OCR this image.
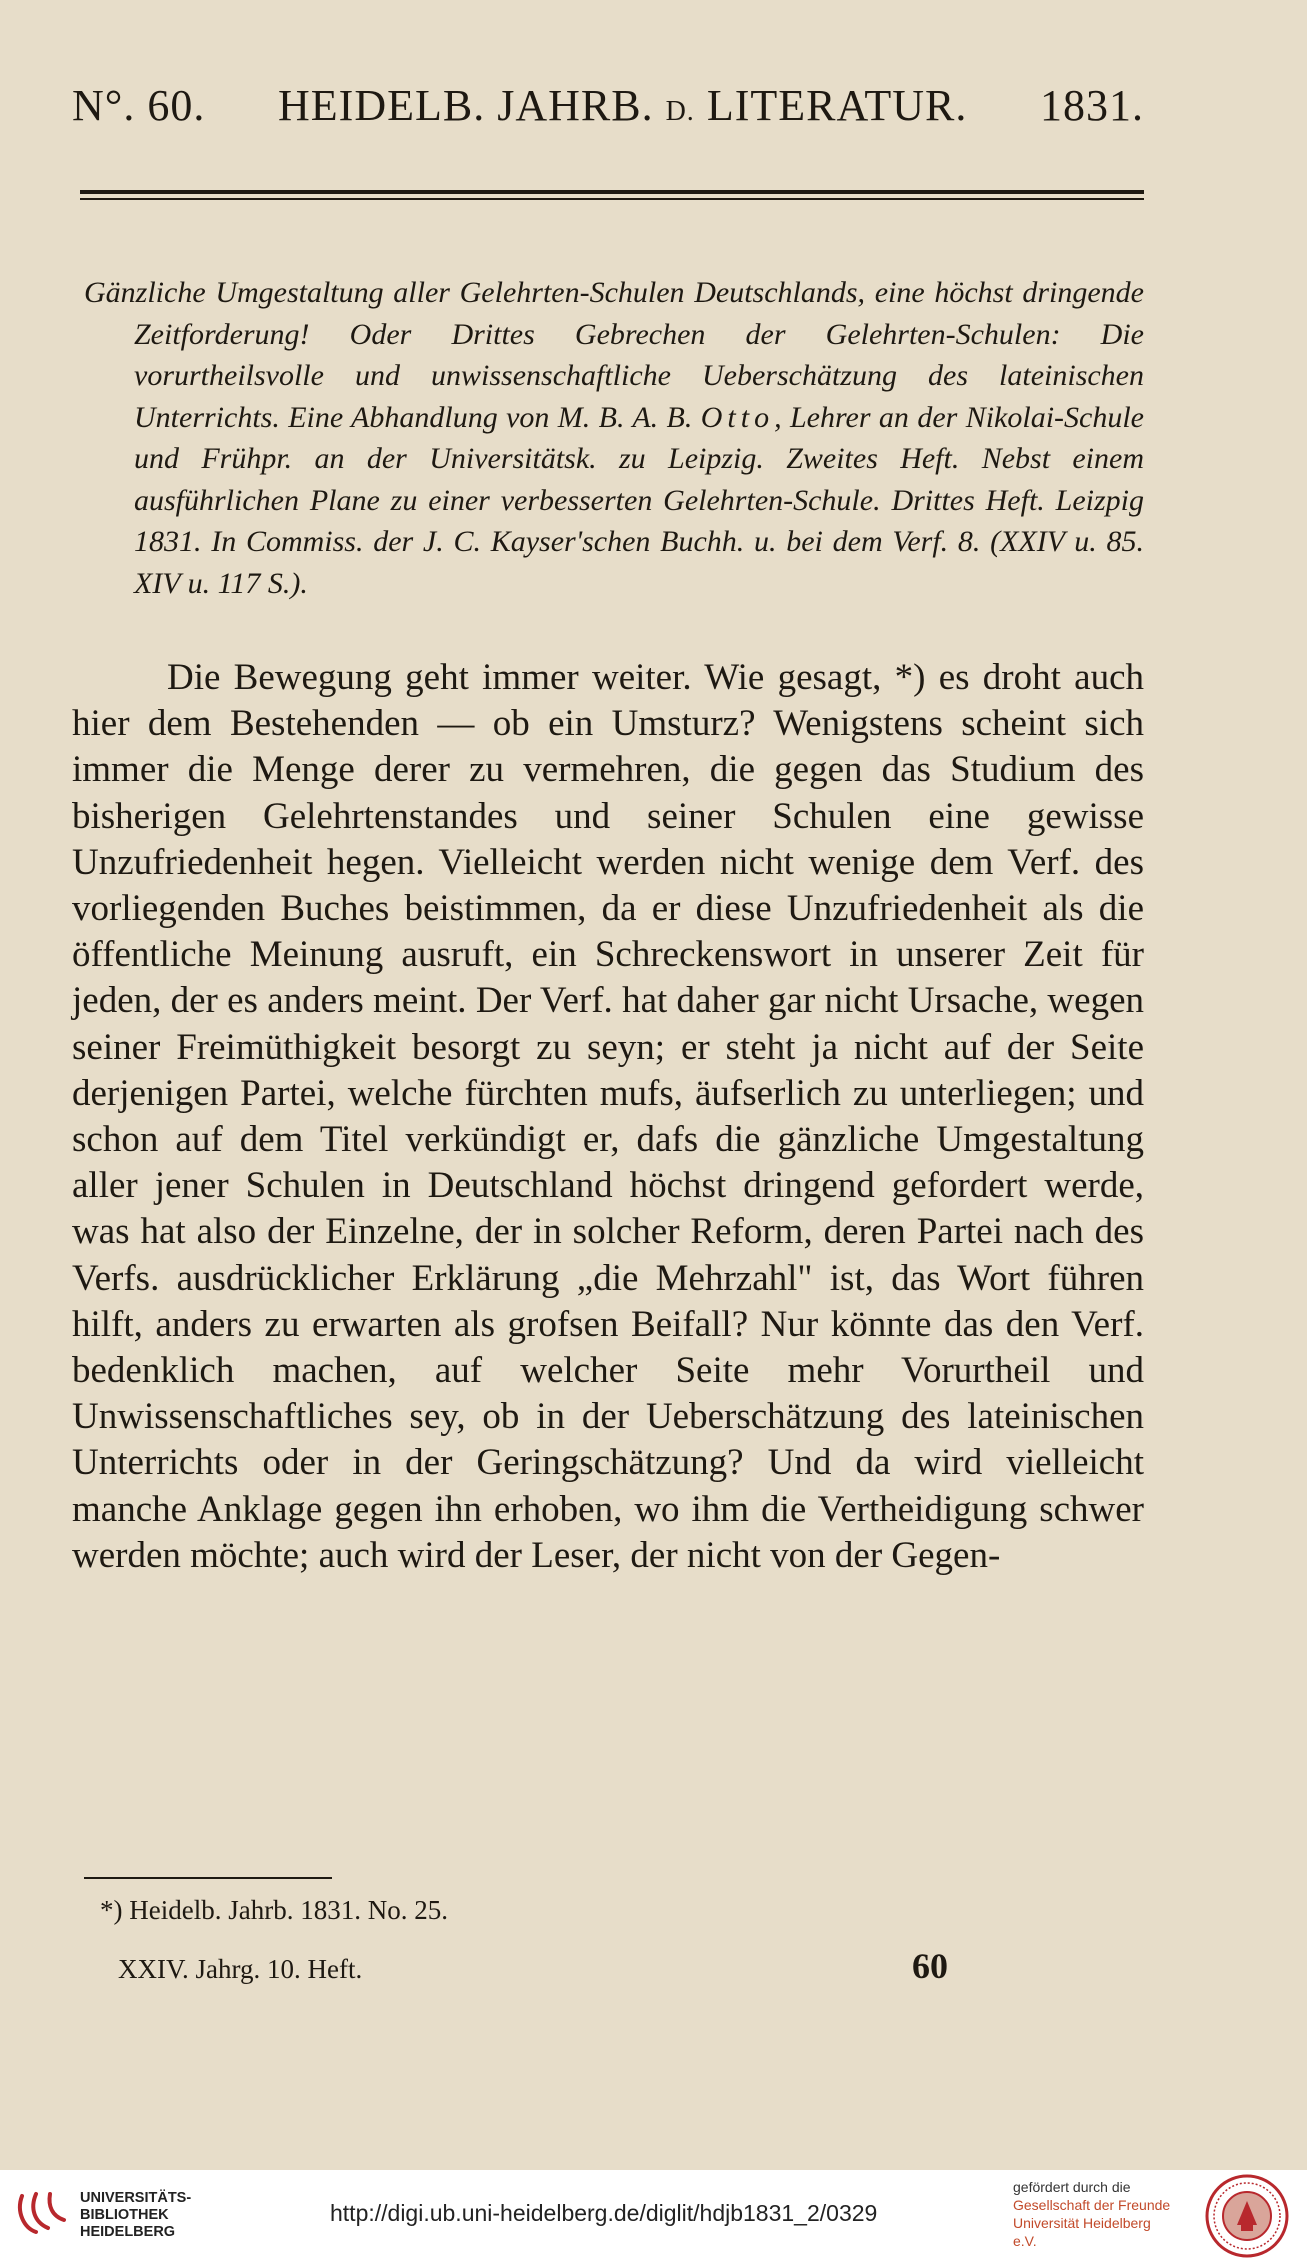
N°. 60. HEIDELB. JAHRB. D. LITERATUR. 1831.
Gänzliche Umgestaltung aller Gelehrten-Schulen Deutschlands, eine höchst dringende Zeitforderung! Oder Drittes Gebrechen der Gelehrten-Schulen: Die vorurtheilsvolle und unwissenschaftliche Ueberschätzung des lateinischen Unterrichts. Eine Abhandlung von M. B. A. B. Otto, Lehrer an der Nikolai-Schule und Frühpr. an der Universitätsk. zu Leipzig. Zweites Heft. Nebst einem ausführlichen Plane zu einer verbesserten Gelehrten-Schule. Drittes Heft. Leizpig 1831. In Commiss. der J. C. Kayser'schen Buchh. u. bei dem Verf. 8. (XXIV u. 85. XIV u. 117 S.).

Die Bewegung geht immer weiter. Wie gesagt, *) es droht auch hier dem Bestehenden — ob ein Umsturz? Wenigstens scheint sich immer die Menge derer zu vermehren, die gegen das Studium des bisherigen Gelehrtenstandes und seiner Schulen eine gewisse Unzufriedenheit hegen. Vielleicht werden nicht wenige dem Verf. des vorliegenden Buches beistimmen, da er diese Unzufriedenheit als die öffentliche Meinung ausruft, ein Schreckenswort in unserer Zeit für jeden, der es anders meint. Der Verf. hat daher gar nicht Ursache, wegen seiner Freimüthigkeit besorgt zu seyn; er steht ja nicht auf der Seite derjenigen Partei, welche fürchten mufs, äufserlich zu unterliegen; und schon auf dem Titel verkündigt er, dafs die gänzliche Umgestaltung aller jener Schulen in Deutschland höchst dringend gefordert werde, was hat also der Einzelne, der in solcher Reform, deren Partei nach des Verfs. ausdrücklicher Erklärung „die Mehrzahl" ist, das Wort führen hilft, anders zu erwarten als grofsen Beifall? Nur könnte das den Verf. bedenklich machen, auf welcher Seite mehr Vorurtheil und Unwissenschaftliches sey, ob in der Ueberschätzung des lateinischen Unterrichts oder in der Geringschätzung? Und da wird vielleicht manche Anklage gegen ihn erhoben, wo ihm die Vertheidigung schwer werden möchte; auch wird der Leser, der nicht von der Gegen-

*) Heidelb. Jahrb. 1831. No. 25.
XXIV. Jahrg. 10. Heft.	60
UNIVERSITÄTS-
BIBLIOTHEK
HEIDELBERG
http://digi.ub.uni-heidelberg.de/diglit/hdjb1831_2/0329
gefördert durch die
Gesellschaft der Freunde
Universität Heidelberg e.V.
